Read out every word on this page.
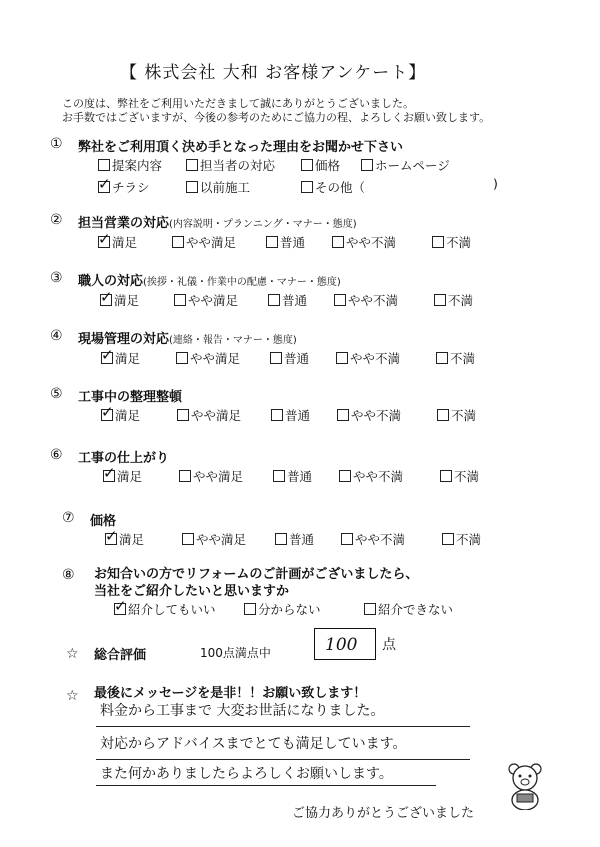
【 株式会社 大和 お客様アンケート】
この度は、弊社をご利用いただきまして誠にありがとうございました。
お手数ではございますが、今後の参考のためにご協力の程、よろしくお願い致します。
① 弊社をご利用頂く決め手となった理由をお聞かせ下さい
提案内容	担当者の対応	価格	ホームページ
✓チラシ	以前施工	その他（	)
② 担当営業の対応(内容説明・プランニング・マナー・態度)
✓満足	やや満足	普通	やや不満	不満
③ 職人の対応(挨拶・礼儀・作業中の配慮・マナー・態度)
✓満足	やや満足	普通	やや不満	不満
④ 現場管理の対応(連絡・報告・マナー・態度)
✓満足	やや満足	普通	やや不満	不満
⑤ 工事中の整理整頓
✓満足	やや満足	普通	やや不満	不満
⑥ 工事の仕上がり
✓満足	やや満足	普通	やや不満	不満
⑦ 価格
✓満足	やや満足	普通	やや不満	不満
⑧ お知合いの方でリフォームのご計画がございましたら、
当社をご紹介したいと思いますか
✓紹介してもいい	分からない	紹介できない
☆ 総合評価	100点満点中	100 点
☆ 最後にメッセージを是非！！お願い致します！
料金から工事まで 大変お世話になりました。
対応からアドバイスまでとても満足しています。
また何かありましたらよろしくお願いします。
ご協力ありがとうございました
